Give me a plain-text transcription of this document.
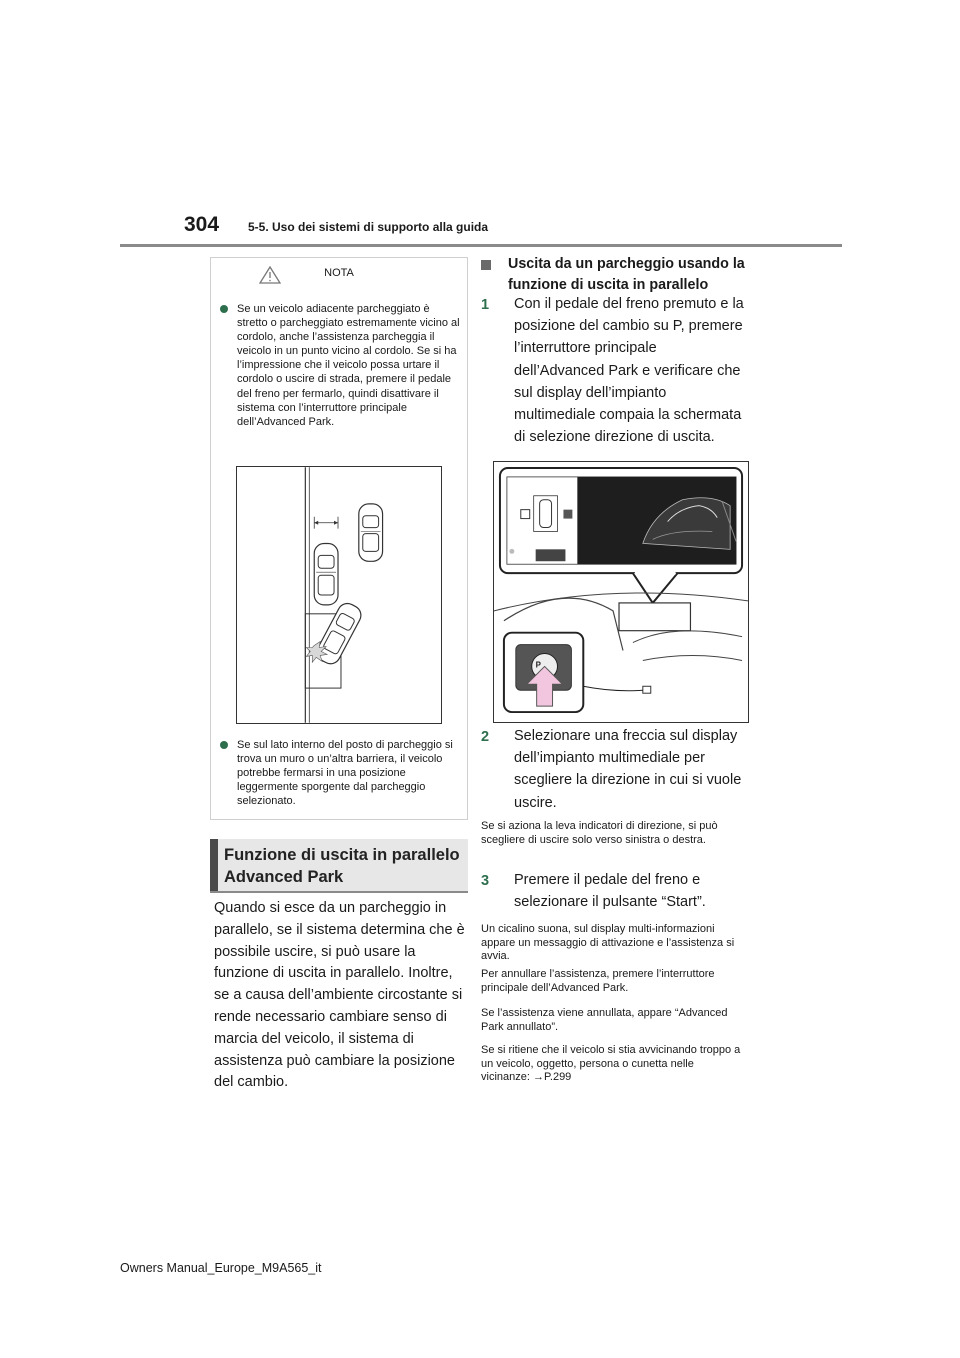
304 5-5. Uso dei sistemi di supporto alla guida
NOTA
Se un veicolo adiacente parcheggiato è stretto o parcheggiato estremamente vicino al cordolo, anche l’assistenza parcheggia il veicolo in un punto vicino al cordolo. Se si ha l’impressione che il veicolo possa urtare il cordolo o uscire di strada, premere il pedale del freno per fermarlo, quindi disattivare il sistema con l’interruttore principale dell’Advanced Park.
Se sul lato interno del posto di parcheggio si trova un muro o un’altra barriera, il veicolo potrebbe fermarsi in una posizione leggermente sporgente dal parcheggio selezionato.
Funzione di uscita in parallelo Advanced Park
Quando si esce da un parcheggio in parallelo, se il sistema determina che è possibile uscire, si può usare la funzione di uscita in parallelo. Inoltre, se a causa dell’ambiente circostante si rende necessario cambiare senso di marcia del veicolo, il sistema di assistenza può cambiare la posizione del cambio.
Uscita da un parcheggio usando la funzione di uscita in parallelo
1 Con il pedale del freno premuto e la posizione del cambio su P, premere l’interruttore principale dell’Advanced Park e verificare che sul display dell’impianto multimediale compaia la schermata di selezione direzione di uscita.
P
2 Selezionare una freccia sul display dell’impianto multimediale per scegliere la direzione in cui si vuole uscire.
Se si aziona la leva indicatori di direzione, si può scegliere di uscire solo verso sinistra o destra.
3 Premere il pedale del freno e selezionare il pulsante “Start”.
Un cicalino suona, sul display multi-informazioni appare un messaggio di attivazione e l’assistenza si avvia.
Per annullare l’assistenza, premere l’interruttore principale dell’Advanced Park.
Se l’assistenza viene annullata, appare “Advanced Park annullato”.
Se si ritiene che il veicolo si stia avvicinando troppo a un veicolo, oggetto, persona o cunetta nelle vicinanze: →P.299
Owners Manual_Europe_M9A565_it
